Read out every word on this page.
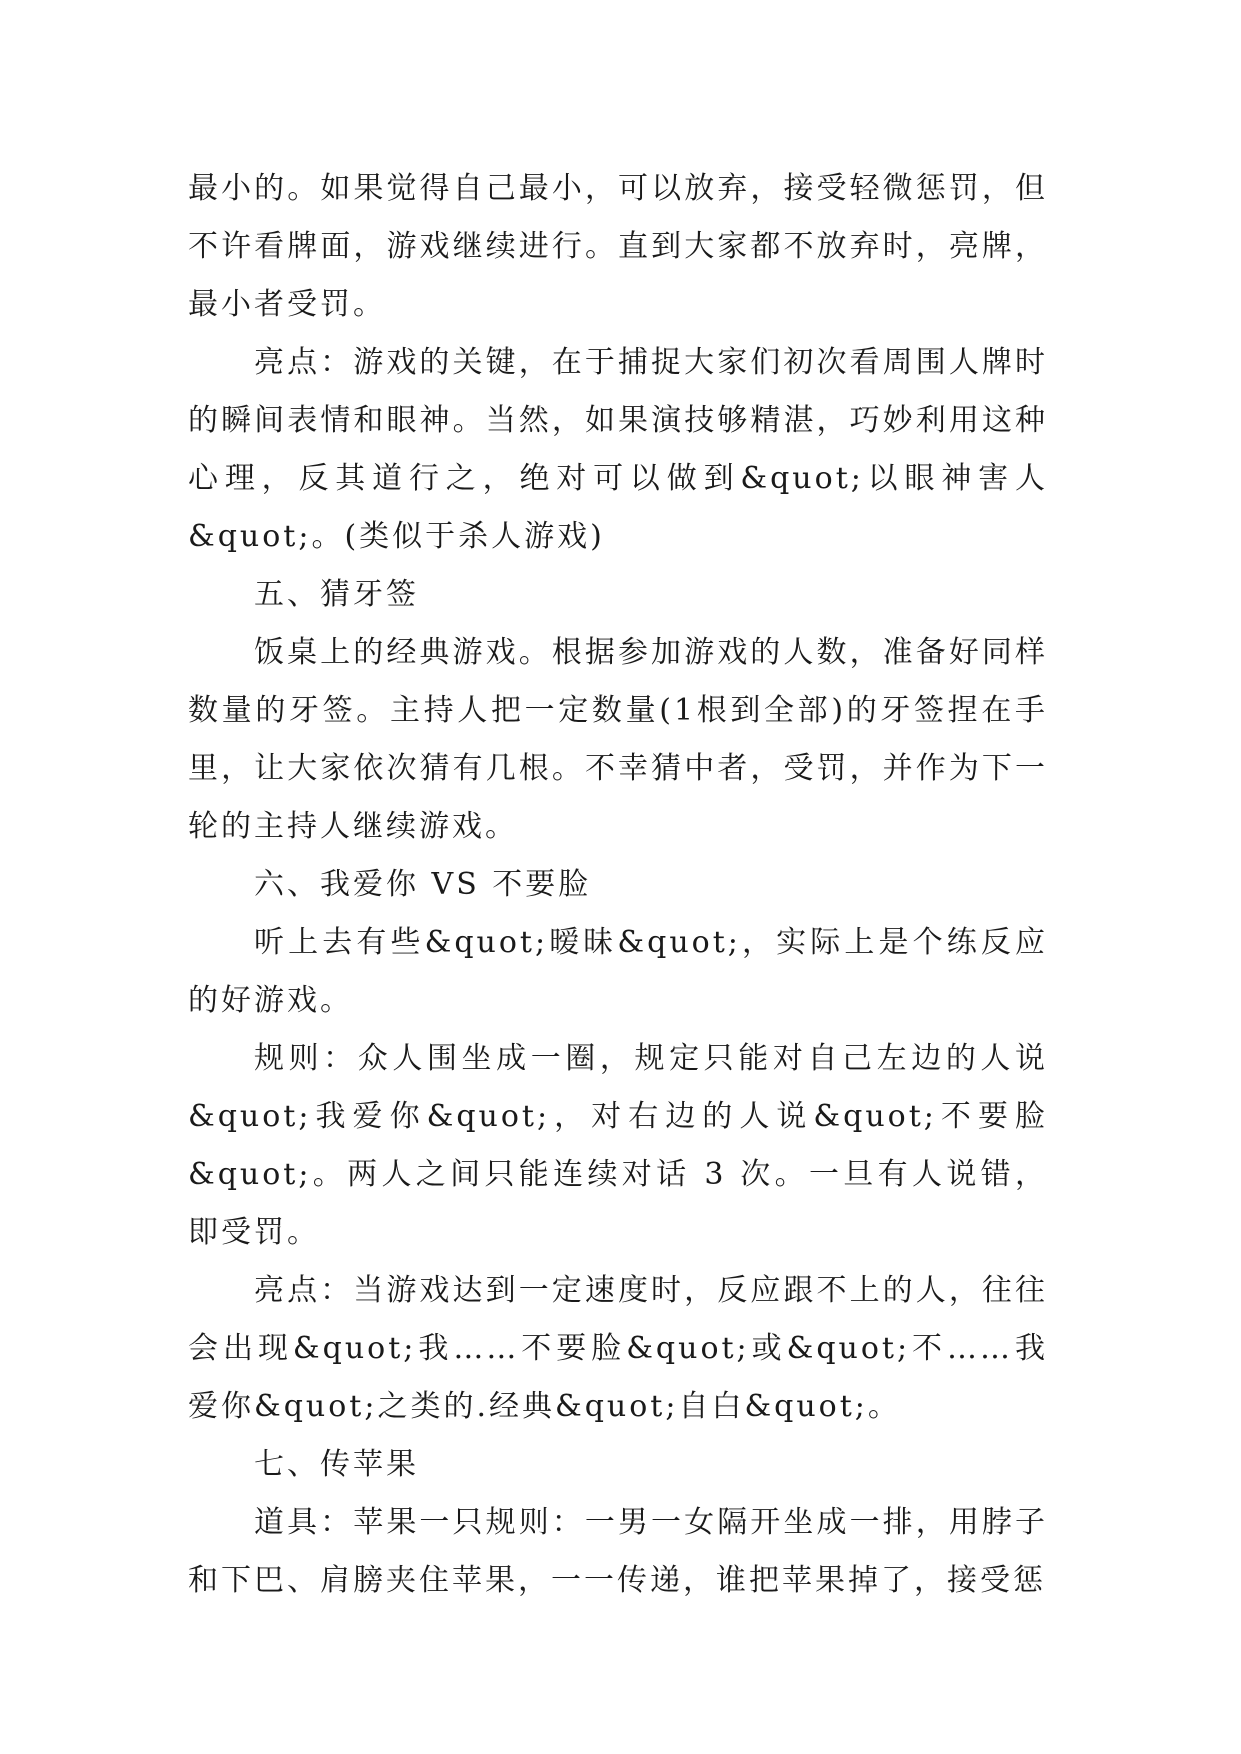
最小的。如果觉得自己最小，可以放弃，接受轻微惩罚，但不许看牌面，游戏继续进行。直到大家都不放弃时，亮牌，最小者受罚。

亮点：游戏的关键，在于捕捉大家们初次看周围人牌时的瞬间表情和眼神。当然，如果演技够精湛，巧妙利用这种心理，反其道行之，绝对可以做到&quot;以眼神害人&quot;。(类似于杀人游戏)

五、猜牙签

饭桌上的经典游戏。根据参加游戏的人数，准备好同样数量的牙签。主持人把一定数量(1根到全部)的牙签捏在手里，让大家依次猜有几根。不幸猜中者，受罚，并作为下一轮的主持人继续游戏。

六、我爱你 VS 不要脸

听上去有些&quot;暧昧&quot;，实际上是个练反应的好游戏。

规则：众人围坐成一圈，规定只能对自己左边的人说&quot;我爱你&quot;，对右边的人说&quot;不要脸&quot;。两人之间只能连续对话 3 次。一旦有人说错，即受罚。

亮点：当游戏达到一定速度时，反应跟不上的人，往往会出现&quot;我……不要脸&quot;或&quot;不……我爱你&quot;之类的.经典&quot;自白&quot;。

七、传苹果

道具：苹果一只规则：一男一女隔开坐成一排，用脖子和下巴、肩膀夹住苹果，一一传递，谁把苹果掉了，接受惩
